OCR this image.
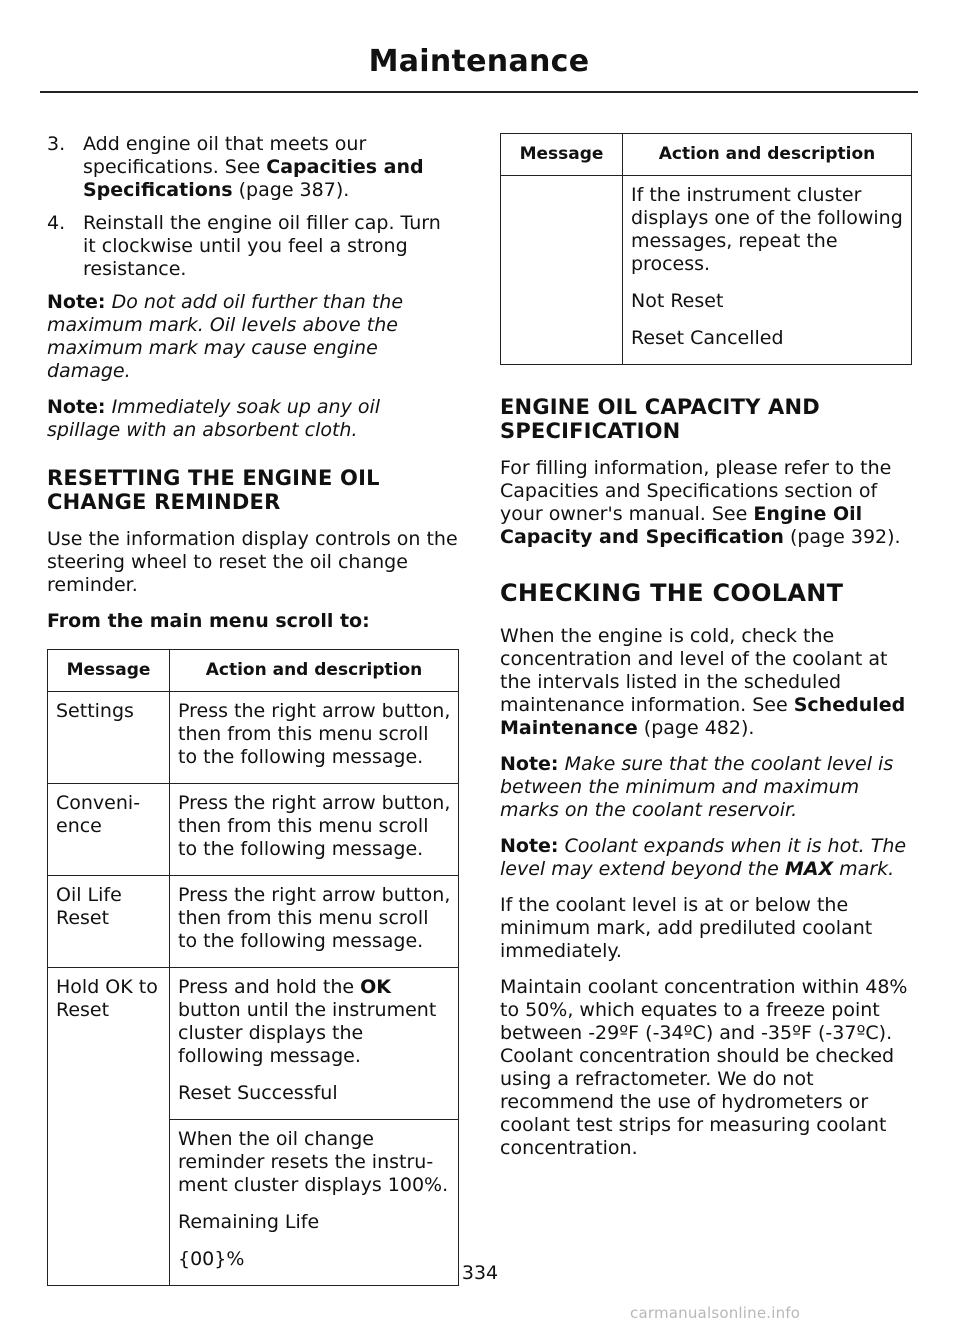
Maintenance
3. Add engine oil that meets our specifications. See Capacities and Specifications (page 387).
4. Reinstall the engine oil filler cap. Turn it clockwise until you feel a strong resistance.

Note: Do not add oil further than the maximum mark. Oil levels above the maximum mark may cause engine damage.

Note: Immediately soak up any oil spillage with an absorbent cloth.

RESETTING THE ENGINE OIL CHANGE REMINDER

Use the information display controls on the steering wheel to reset the oil change reminder.

From the main menu scroll to:

Message	Action and description
Settings	Press the right arrow button, then from this menu scroll to the following message.
Conveni-ence	Press the right arrow button, then from this menu scroll to the following message.
Oil Life Reset	Press the right arrow button, then from this menu scroll to the following message.
Hold OK to Reset	Press and hold the OK button until the instrument cluster displays the following message.

Reset Successful

	When the oil change reminder resets the instru-ment cluster displays 100%.

Remaining Life

{00}%

Message	Action and description

	If the instrument cluster displays one of the following messages, repeat the process.

Not Reset

Reset Cancelled

ENGINE OIL CAPACITY AND SPECIFICATION

For filling information, please refer to the Capacities and Specifications section of your owner's manual. See Engine Oil Capacity and Specification (page 392).

CHECKING THE COOLANT

When the engine is cold, check the concentration and level of the coolant at the intervals listed in the scheduled maintenance information. See Scheduled Maintenance (page 482).

Note: Make sure that the coolant level is between the minimum and maximum marks on the coolant reservoir.

Note: Coolant expands when it is hot. The level may extend beyond the MAX mark.

If the coolant level is at or below the minimum mark, add prediluted coolant immediately.

Maintain coolant concentration within 48% to 50%, which equates to a freeze point between -29ºF (-34ºC) and -35ºF (-37ºC). Coolant concentration should be checked using a refractometer. We do not recommend the use of hydrometers or coolant test strips for measuring coolant concentration.

334
carmanualsonline.info
